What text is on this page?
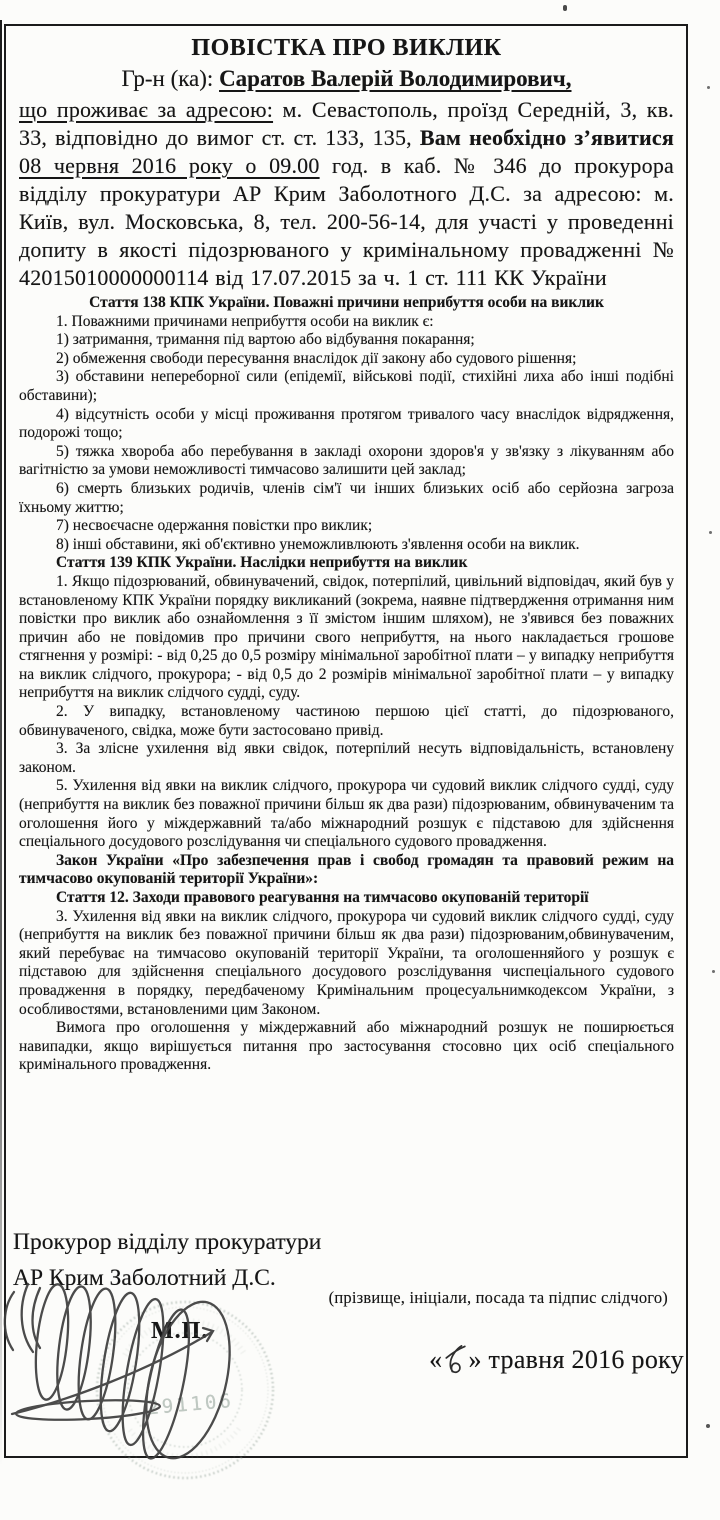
ПОВІСТКА ПРО ВИКЛИК

Гр-н (ка): Саратов Валерій Володимирович,

що проживає за адресою: м. Севастополь, проїзд Середній, 3, кв. 33, відповідно до вимог ст. ст. 133, 135, Вам необхідно з’явитися 08 червня 2016 року о 09.00 год. в каб. № 346 до прокурора відділу прокуратури АР Крим Заболотного Д.С. за адресою: м. Київ, вул. Московська, 8, тел. 200-56-14, для участі у проведенні допиту в якості підозрюваного у кримінальному провадженні № 42015010000000114 від 17.07.2015 за ч. 1 ст. 111 КК України

Стаття 138 КПК України. Поважні причини неприбуття особи на виклик

1. Поважними причинами неприбуття особи на виклик є:

1) затримання, тримання під вартою або відбування покарання;

2) обмеження свободи пересування внаслідок дії закону або судового рішення;

3) обставини непереборної сили (епідемії, військові події, стихійні лиха або інші подібні обставини);

4) відсутність особи у місці проживання протягом тривалого часу внаслідок відрядження, подорожі тощо;

5) тяжка хвороба або перебування в закладі охорони здоров'я у зв'язку з лікуванням або вагітністю за умови неможливості тимчасово залишити цей заклад;

6) смерть близьких родичів, членів сім'ї чи інших близьких осіб або серйозна загроза їхньому життю;

7) несвоєчасне одержання повістки про виклик;

8) інші обставини, які об'єктивно унеможливлюють з'явлення особи на виклик.

Стаття 139 КПК України. Наслідки неприбуття на виклик

1. Якщо підозрюваний, обвинувачений, свідок, потерпілий, цивільний відповідач, який був у встановленому КПК України порядку викликаний (зокрема, наявне підтвердження отримання ним повістки про виклик або ознайомлення з її змістом іншим шляхом), не з'явився без поважних причин або не повідомив про причини свого неприбуття, на нього накладається грошове стягнення у розмірі: - від 0,25 до 0,5 розміру мінімальної заробітної плати – у випадку неприбуття на виклик слідчого, прокурора; - від 0,5 до 2 розмірів мінімальної заробітної плати – у випадку неприбуття на виклик слідчого судді, суду.

2. У випадку, встановленому частиною першою цієї статті, до підозрюваного, обвинуваченого, свідка, може бути застосовано привід.

3. За злісне ухилення від явки свідок, потерпілий несуть відповідальність, встановлену законом.

5. Ухилення від явки на виклик слідчого, прокурора чи судовий виклик слідчого судді, суду (неприбуття на виклик без поважної причини більш як два рази) підозрюваним, обвинуваченим та оголошення його у міждержавний та/або міжнародний розшук є підставою для здійснення спеціального досудового розслідування чи спеціального судового провадження.

Закон України «Про забезпечення прав і свобод громадян та правовий режим на тимчасово окупованій території України»:

Стаття 12. Заходи правового реагування на тимчасово окупованій території

3. Ухилення від явки на виклик слідчого, прокурора чи судовий виклик слідчого судді, суду (неприбуття на виклик без поважної причини більш як два рази) підозрюваним,обвинуваченим, який перебуває на тимчасово окупованій території України, та оголошенняйого у розшук є підставою для здійснення спеціального досудового розслідування чиспеціального судового провадження в порядку, передбаченому Кримінальним процесуальнимкодексом України, з особливостями, встановленими цим Законом.

Вимога про оголошення у міждержавний або міжнародний розшук не поширюється навипадки, якщо вирішується питання про застосування стосовно цих осіб спеціального кримінального провадження.

Прокурор відділу прокуратури
АР Крим Заболотний Д.С.
(прізвище, ініціали, посада та підпис слідчого)
М.П.
« » травня 2016 року
291106
